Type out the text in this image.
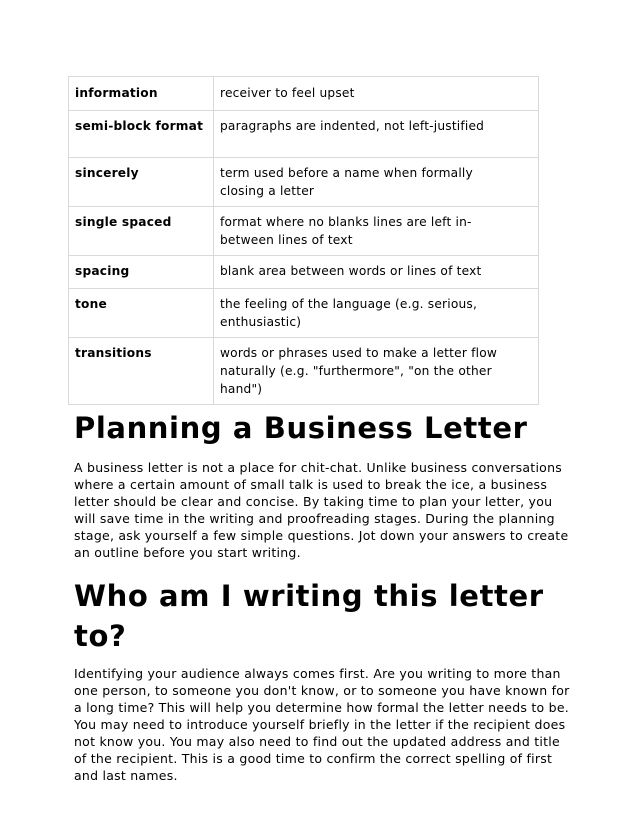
information	receiver to feel upset
semi-block format	paragraphs are indented, not left-justified
sincerely	term used before a name when formally closing a letter
single spaced	format where no blanks lines are left in-between lines of text
spacing	blank area between words or lines of text
tone	the feeling of the language (e.g. serious, enthusiastic)
transitions	words or phrases used to make a letter flow naturally (e.g. "furthermore", "on the other hand")
Planning a Business Letter

A business letter is not a place for chit-chat. Unlike business conversations where a certain amount of small talk is used to break the ice, a business letter should be clear and concise. By taking time to plan your letter, you will save time in the writing and proofreading stages. During the planning stage, ask yourself a few simple questions. Jot down your answers to create an outline before you start writing.

Who am I writing this letter to?

Identifying your audience always comes first. Are you writing to more than one person, to someone you don't know, or to someone you have known for a long time? This will help you determine how formal the letter needs to be. You may need to introduce yourself briefly in the letter if the recipient does not know you. You may also need to find out the updated address and title of the recipient. This is a good time to confirm the correct spelling of first and last names.
